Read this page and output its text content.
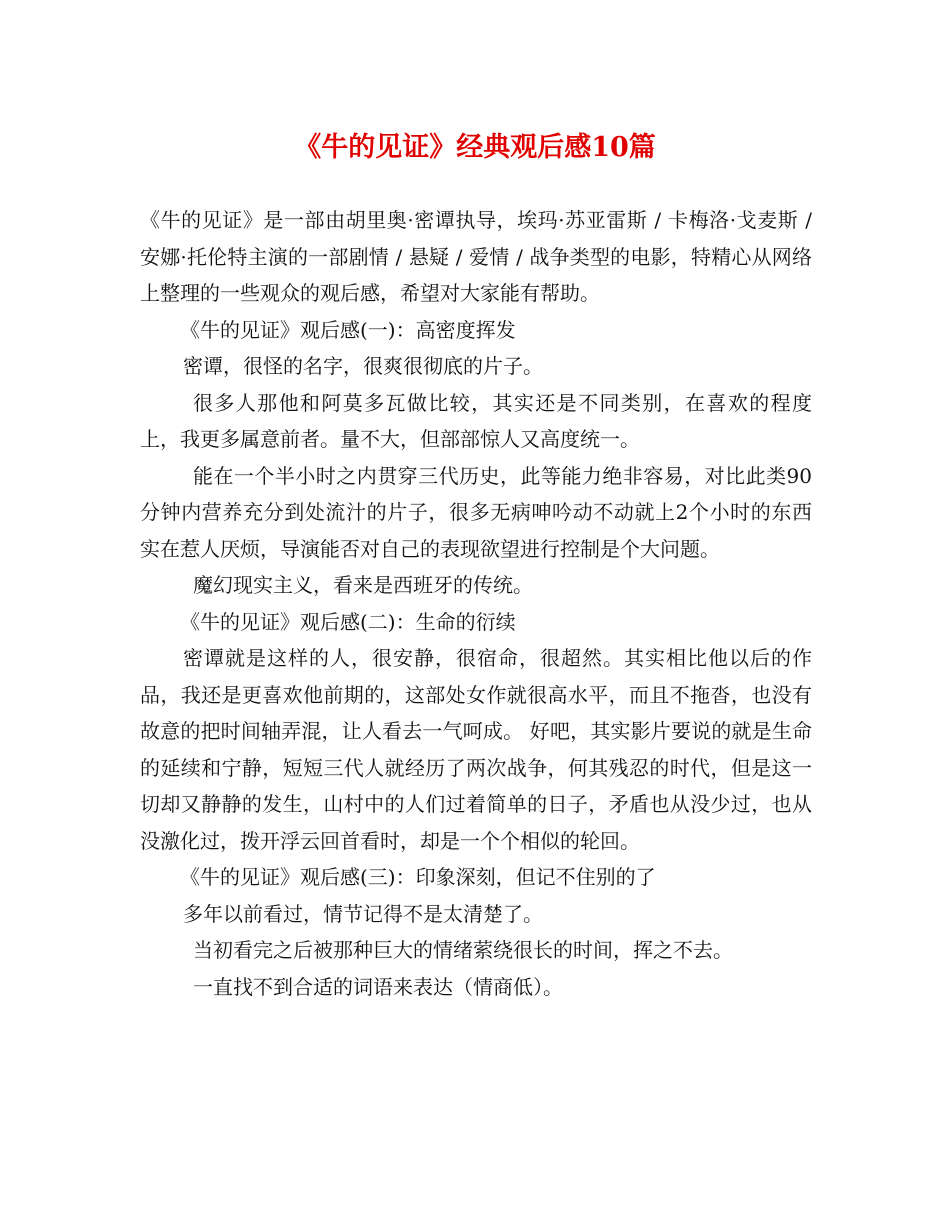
《牛的见证》经典观后感10篇

《牛的见证》是一部由胡里奥·密谭执导，埃玛·苏亚雷斯 / 卡梅洛·戈麦斯 / 安娜·托伦特主演的一部剧情 / 悬疑 / 爱情 / 战争类型的电影，特精心从网络上整理的一些观众的观后感，希望对大家能有帮助。

《牛的见证》观后感(一)：高密度挥发

密谭，很怪的名字，很爽很彻底的片子。

很多人那他和阿莫多瓦做比较，其实还是不同类别，在喜欢的程度上，我更多属意前者。量不大，但部部惊人又高度统一。

能在一个半小时之内贯穿三代历史，此等能力绝非容易，对比此类90分钟内营养充分到处流汁的片子，很多无病呻吟动不动就上2个小时的东西实在惹人厌烦，导演能否对自己的表现欲望进行控制是个大问题。

魔幻现实主义，看来是西班牙的传统。

《牛的见证》观后感(二)：生命的衍续

密谭就是这样的人，很安静，很宿命，很超然。其实相比他以后的作品，我还是更喜欢他前期的，这部处女作就很高水平，而且不拖沓，也没有故意的把时间轴弄混，让人看去一气呵成。 好吧，其实影片要说的就是生命的延续和宁静，短短三代人就经历了两次战争，何其残忍的时代，但是这一切却又静静的发生，山村中的人们过着简单的日子，矛盾也从没少过，也从没激化过，拨开浮云回首看时，却是一个个相似的轮回。

《牛的见证》观后感(三)：印象深刻，但记不住别的了

多年以前看过，情节记得不是太清楚了。

当初看完之后被那种巨大的情绪萦绕很长的时间，挥之不去。

一直找不到合适的词语来表达（情商低）。
